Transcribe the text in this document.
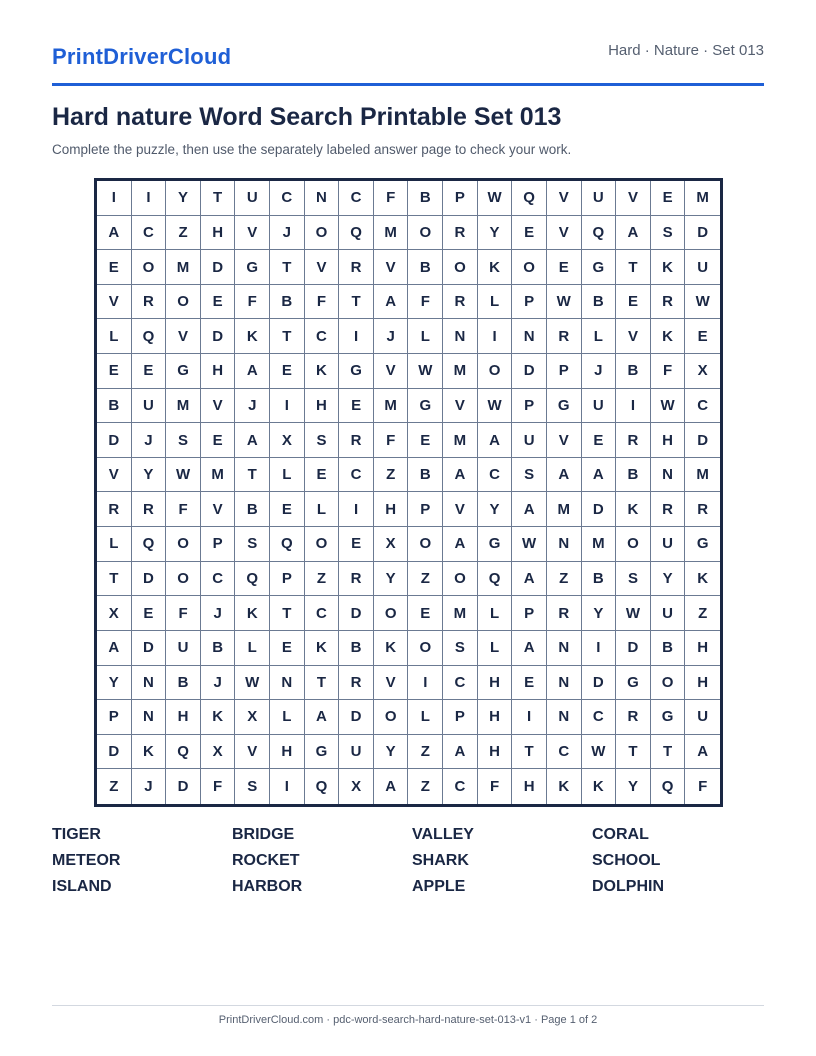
PrintDriverCloud	Hard · Nature · Set 013
Hard nature Word Search Printable Set 013
Complete the puzzle, then use the separately labeled answer page to check your work.
I	I	Y	T	U	C	N	C	F	B	P	W	Q	V	U	V	E	M
A	C	Z	H	V	J	O	Q	M	O	R	Y	E	V	Q	A	S	D
E	O	M	D	G	T	V	R	V	B	O	K	O	E	G	T	K	U
V	R	O	E	F	B	F	T	A	F	R	L	P	W	B	E	R	W
L	Q	V	D	K	T	C	I	J	L	N	I	N	R	L	V	K	E
E	E	G	H	A	E	K	G	V	W	M	O	D	P	J	B	F	X
B	U	M	V	J	I	H	E	M	G	V	W	P	G	U	I	W	C
D	J	S	E	A	X	S	R	F	E	M	A	U	V	E	R	H	D
V	Y	W	M	T	L	E	C	Z	B	A	C	S	A	A	B	N	M
R	R	F	V	B	E	L	I	H	P	V	Y	A	M	D	K	R	R
L	Q	O	P	S	Q	O	E	X	O	A	G	W	N	M	O	U	G
T	D	O	C	Q	P	Z	R	Y	Z	O	Q	A	Z	B	S	Y	K
X	E	F	J	K	T	C	D	O	E	M	L	P	R	Y	W	U	Z
A	D	U	B	L	E	K	B	K	O	S	L	A	N	I	D	B	H
Y	N	B	J	W	N	T	R	V	I	C	H	E	N	D	G	O	H
P	N	H	K	X	L	A	D	O	L	P	H	I	N	C	R	G	U
D	K	Q	X	V	H	G	U	Y	Z	A	H	T	C	W	T	T	A
Z	J	D	F	S	I	Q	X	A	Z	C	F	H	K	K	Y	Q	F
TIGER	BRIDGE	VALLEY	CORAL
METEOR	ROCKET	SHARK	SCHOOL
ISLAND	HARBOR	APPLE	DOLPHIN
PrintDriverCloud.com · pdc-word-search-hard-nature-set-013-v1 · Page 1 of 2
